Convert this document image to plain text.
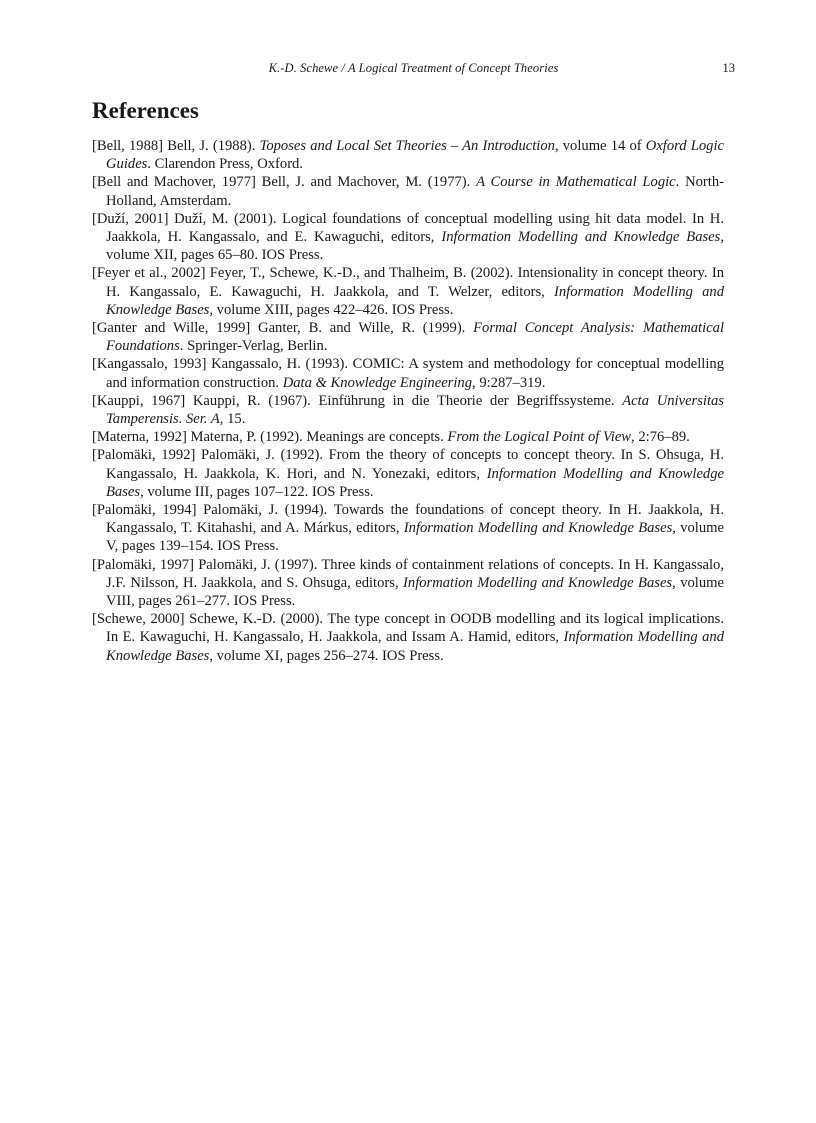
K.-D. Schewe / A Logical Treatment of Concept Theories	13
References
[Bell, 1988] Bell, J. (1988). Toposes and Local Set Theories – An Introduction, volume 14 of Oxford Logic Guides. Clarendon Press, Oxford.
[Bell and Machover, 1977] Bell, J. and Machover, M. (1977). A Course in Mathematical Logic. North-Holland, Amsterdam.
[Duží, 2001] Duží, M. (2001). Logical foundations of conceptual modelling using hit data model. In H. Jaakkola, H. Kangassalo, and E. Kawaguchi, editors, Information Modelling and Knowledge Bases, volume XII, pages 65–80. IOS Press.
[Feyer et al., 2002] Feyer, T., Schewe, K.-D., and Thalheim, B. (2002). Intensionality in concept theory. In H. Kangassalo, E. Kawaguchi, H. Jaakkola, and T. Welzer, editors, Information Modelling and Knowledge Bases, volume XIII, pages 422–426. IOS Press.
[Ganter and Wille, 1999] Ganter, B. and Wille, R. (1999). Formal Concept Analysis: Mathematical Foundations. Springer-Verlag, Berlin.
[Kangassalo, 1993] Kangassalo, H. (1993). COMIC: A system and methodology for conceptual modelling and information construction. Data & Knowledge Engineering, 9:287–319.
[Kauppi, 1967] Kauppi, R. (1967). Einführung in die Theorie der Begriffssysteme. Acta Universitas Tamperensis. Ser. A, 15.
[Materna, 1992] Materna, P. (1992). Meanings are concepts. From the Logical Point of View, 2:76–89.
[Palomäki, 1992] Palomäki, J. (1992). From the theory of concepts to concept theory. In S. Ohsuga, H. Kangassalo, H. Jaakkola, K. Hori, and N. Yonezaki, editors, Information Modelling and Knowledge Bases, volume III, pages 107–122. IOS Press.
[Palomäki, 1994] Palomäki, J. (1994). Towards the foundations of concept theory. In H. Jaakkola, H. Kangassalo, T. Kitahashi, and A. Márkus, editors, Information Modelling and Knowledge Bases, volume V, pages 139–154. IOS Press.
[Palomäki, 1997] Palomäki, J. (1997). Three kinds of containment relations of concepts. In H. Kangassalo, J.F. Nilsson, H. Jaakkola, and S. Ohsuga, editors, Information Modelling and Knowledge Bases, volume VIII, pages 261–277. IOS Press.
[Schewe, 2000] Schewe, K.-D. (2000). The type concept in OODB modelling and its logical implications. In E. Kawaguchi, H. Kangassalo, H. Jaakkola, and Issam A. Hamid, editors, Information Modelling and Knowledge Bases, volume XI, pages 256–274. IOS Press.
